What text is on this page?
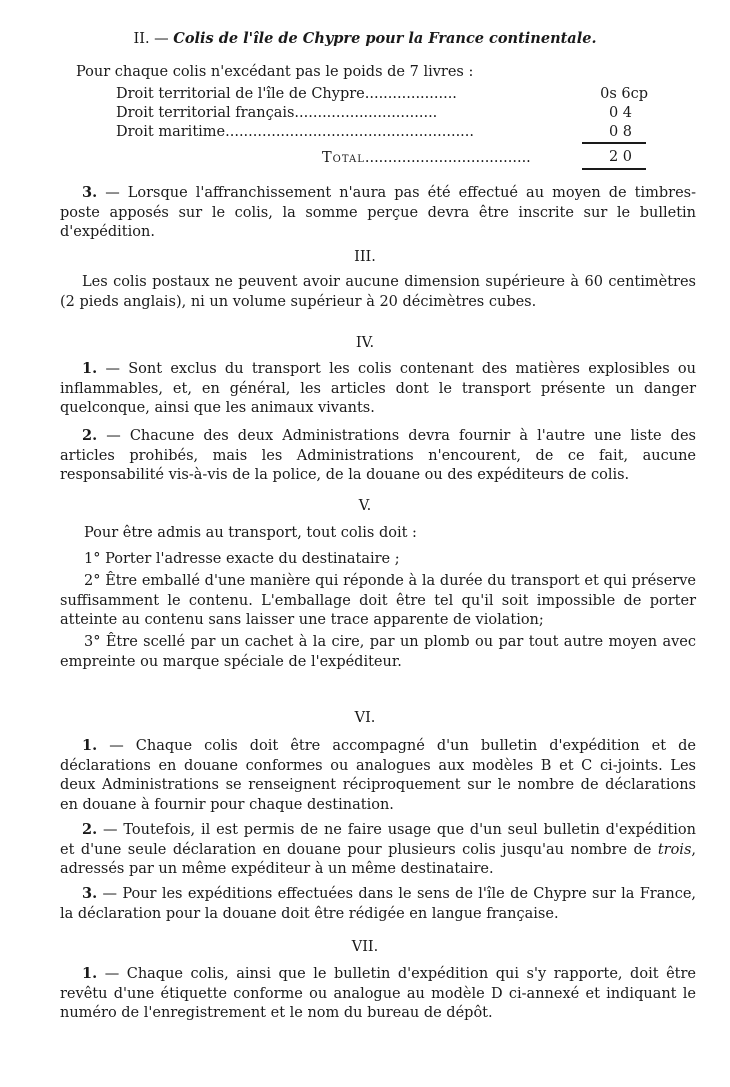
II. — Colis de l'île de Chypre pour la France continentale.
Pour chaque colis n'excédant pas le poids de 7 livres :
Droit territorial de l'île de Chypre....................	0s 6cp
Droit territorial français...............................	0 4
Droit maritime......................................................	0 8
Total....................................	2 0
3. — Lorsque l'affranchissement n'aura pas été effectué au moyen de timbres-poste apposés sur le colis, la somme perçue devra être inscrite sur le bulletin d'expédition.
III.
Les colis postaux ne peuvent avoir aucune dimension supérieure à 60 centimètres (2 pieds anglais), ni un volume supérieur à 20 décimètres cubes.
IV.
1. — Sont exclus du transport les colis contenant des matières explosibles ou inflammables, et, en général, les articles dont le transport présente un danger quelconque, ainsi que les animaux vivants.
2. — Chacune des deux Administrations devra fournir à l'autre une liste des articles prohibés, mais les Administrations n'encourent, de ce fait, aucune responsabilité vis-à-vis de la police, de la douane ou des expéditeurs de colis.
V.
Pour être admis au transport, tout colis doit :
1° Porter l'adresse exacte du destinataire ;
2° Être emballé d'une manière qui réponde à la durée du transport et qui préserve suffisamment le contenu. L'emballage doit être tel qu'il soit impossible de porter atteinte au contenu sans laisser une trace apparente de violation;
3° Être scellé par un cachet à la cire, par un plomb ou par tout autre moyen avec empreinte ou marque spéciale de l'expéditeur.
VI.
1. — Chaque colis doit être accompagné d'un bulletin d'expédition et de déclarations en douane conformes ou analogues aux modèles B et C ci-joints. Les deux Administrations se renseignent réciproquement sur le nombre de déclarations en douane à fournir pour chaque destination.
2. — Toutefois, il est permis de ne faire usage que d'un seul bulletin d'expédition et d'une seule déclaration en douane pour plusieurs colis jusqu'au nombre de trois, adressés par un même expéditeur à un même destinataire.
3. — Pour les expéditions effectuées dans le sens de l'île de Chypre sur la France, la déclaration pour la douane doit être rédigée en langue française.
VII.
1. — Chaque colis, ainsi que le bulletin d'expédition qui s'y rapporte, doit être revêtu d'une étiquette conforme ou analogue au modèle D ci-annexé et indiquant le numéro de l'enregistrement et le nom du bureau de dépôt.
